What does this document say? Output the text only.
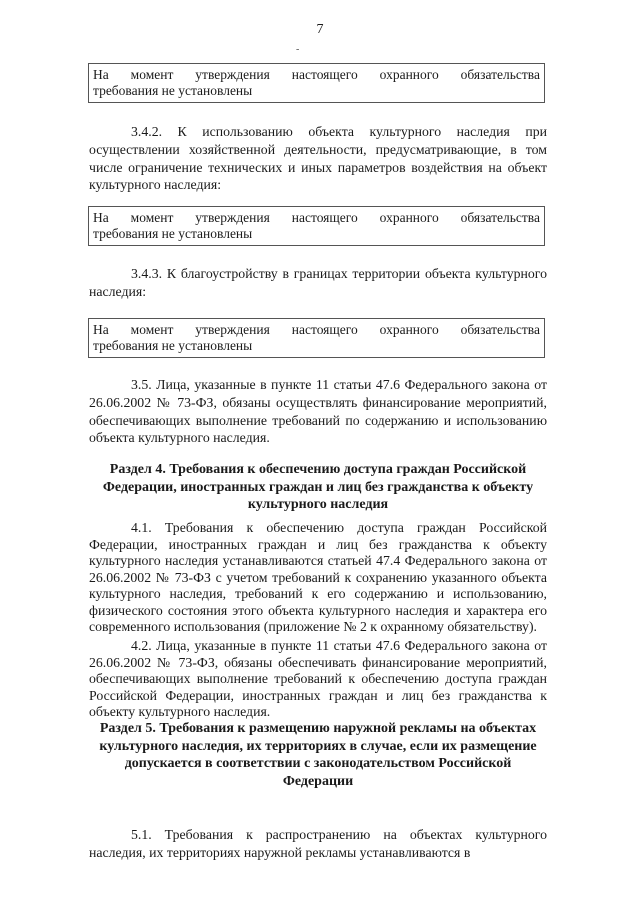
7
-
На момент утверждения настоящего охранного обязательства
требования не установлены

3.4.2. К использованию объекта культурного наследия при осуществлении хозяйственной деятельности, предусматривающие, в том числе ограничение технических и иных параметров воздействия на объект культурного наследия:

На момент утверждения настоящего охранного обязательства
требования не установлены

3.4.3. К благоустройству в границах территории объекта культурного наследия:

На момент утверждения настоящего охранного обязательства
требования не установлены

3.5. Лица, указанные в пункте 11 статьи 47.6 Федерального закона от 26.06.2002 № 73-ФЗ, обязаны осуществлять финансирование мероприятий, обеспечивающих выполнение требований по содержанию и использованию объекта культурного наследия.

Раздел 4. Требования к обеспечению доступа граждан Российской Федерации, иностранных граждан и лиц без гражданства к объекту культурного наследия

4.1. Требования к обеспечению доступа граждан Российской Федерации, иностранных граждан и лиц без гражданства к объекту культурного наследия устанавливаются статьей 47.4 Федерального закона от 26.06.2002 № 73-ФЗ с учетом требований к сохранению указанного объекта культурного наследия, требований к его содержанию и использованию, физического состояния этого объекта культурного наследия и характера его современного использования (приложение № 2 к охранному обязательству).

4.2. Лица, указанные в пункте 11 статьи 47.6 Федерального закона от 26.06.2002 № 73-ФЗ, обязаны обеспечивать финансирование мероприятий, обеспечивающих выполнение требований к обеспечению доступа граждан Российской Федерации, иностранных граждан и лиц без гражданства к объекту культурного наследия.

Раздел 5. Требования к размещению наружной рекламы на объектах культурного наследия, их территориях в случае, если их размещение допускается в соответствии с законодательством Российской Федерации

5.1. Требования к распространению на объектах культурного наследия, их территориях наружной рекламы устанавливаются в
